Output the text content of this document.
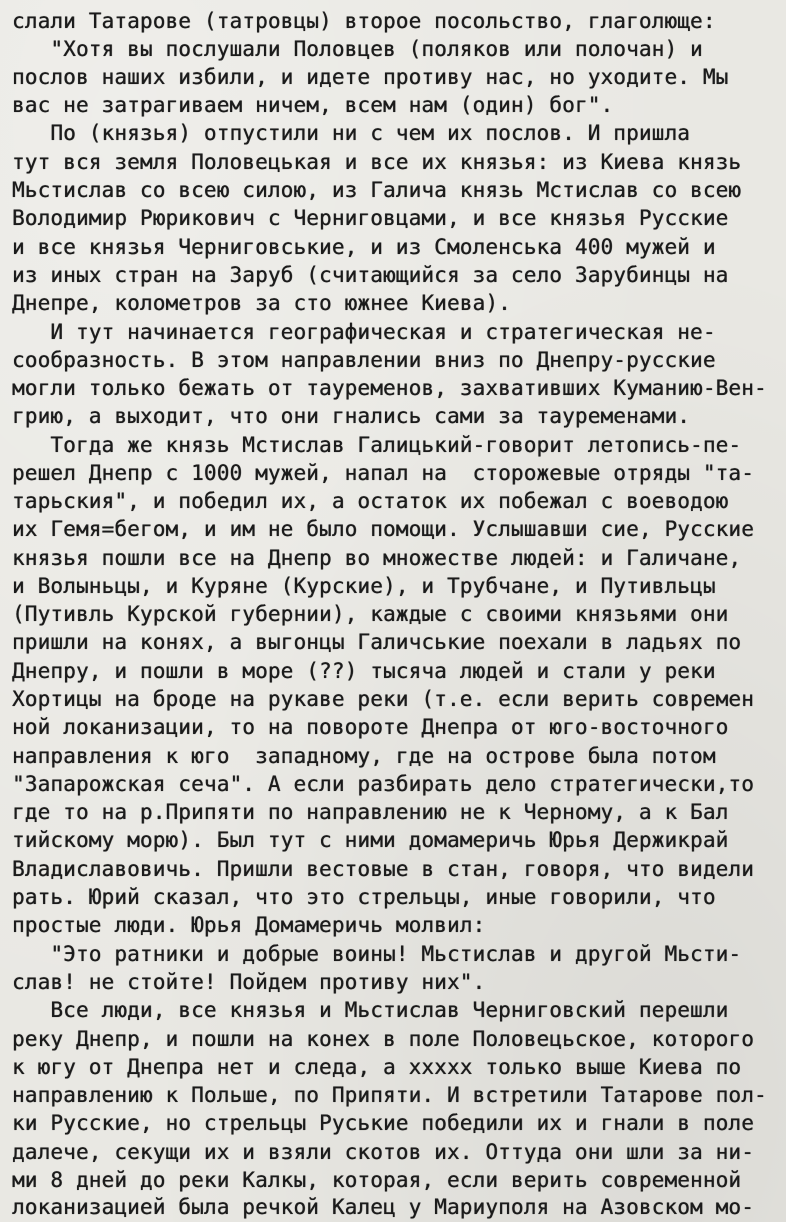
слали Татарове (татровцы) второе посольство, глаголюще:

"Хотя вы послушали Половцев (поляков или полочан) и

послов наших избили, и идете противу нас, но уходите. Мы

вас не затрагиваем ничем, всем нам (один) бог".

По (князья) отпустили ни с чем их послов. И пришла

тут вся земля Половецькая и все их князья: из Киева князь

Мьстислав со всею силою, из Галича князь Мстислав со всею

Володимир Рюрикович с Черниговцами, и все князья Русские

и все князья Черниговськие, и из Смоленська 400 мужей и

из иных стран на Заруб (считающийся за село Зарубинцы на

Днепре, колометров за сто южнее Киева).

И тут начинается географическая и стратегическая не-

сообразность. В этом направлении вниз по Днепру-русские

могли только бежать от тауременов, захвативших Куманию-Вен-

грию, а выходит, что они гнались сами за тауременами.

Тогда же князь Мстислав Галицький-говорит летопись-пе-

решел Днепр с 1000 мужей, напал на  сторожевые отряды "та-

тарьския", и победил их, а остаток их побежал с воеводою

их Гемя=бегом, и им не было помощи. Услышавши сие, Русские

князья пошли все на Днепр во множестве людей: и Галичане,

и Волыньцы, и Куряне (Курские), и Трубчане, и Путивльцы

(Путивль Курской губернии), каждые с своими князьями они

пришли на конях, а выгонцы Галичськие поехали в ладьях по

Днепру, и пошли в море (??) тысяча людей и стали у реки

Хортицы на броде на рукаве реки (т.е. если верить современ

ной локанизации, то на повороте Днепра от юго-восточного

направления к юго  западному, где на острове была потом

"Запарожская сеча". А если разбирать дело стратегически,то

где то на р.Припяти по направлению не к Черному, а к Бал

тийскому морю). Был тут с ними домамеричь Юрья Держикрай

Владиславовичь. Пришли вестовые в стан, говоря, что видели

рать. Юрий сказал, что это стрельцы, иные говорили, что

простые люди. Юрья Домамеричь молвил:

"Это ратники и добрые воины! Мьстислав и другой Мьсти-

слав! не стойте! Пойдем противу них".

Все люди, все князья и Мьстислав Черниговский перешли

реку Днепр, и пошли на конех в поле Половецьское, которого

к югу от Днепра нет и следа, а ххххх только выше Киева по

направлению к Польше, по Припяти. И встретили Татарове пол-

ки Русские, но стрельцы Руськие победили их и гнали в поле

далече, секущи их и взяли скотов их. Оттуда они шли за ни-

ми 8 дней до реки Калкы, которая, если верить современной

локанизацией была речкой Калец у Мариуполя на Азовском мо-
